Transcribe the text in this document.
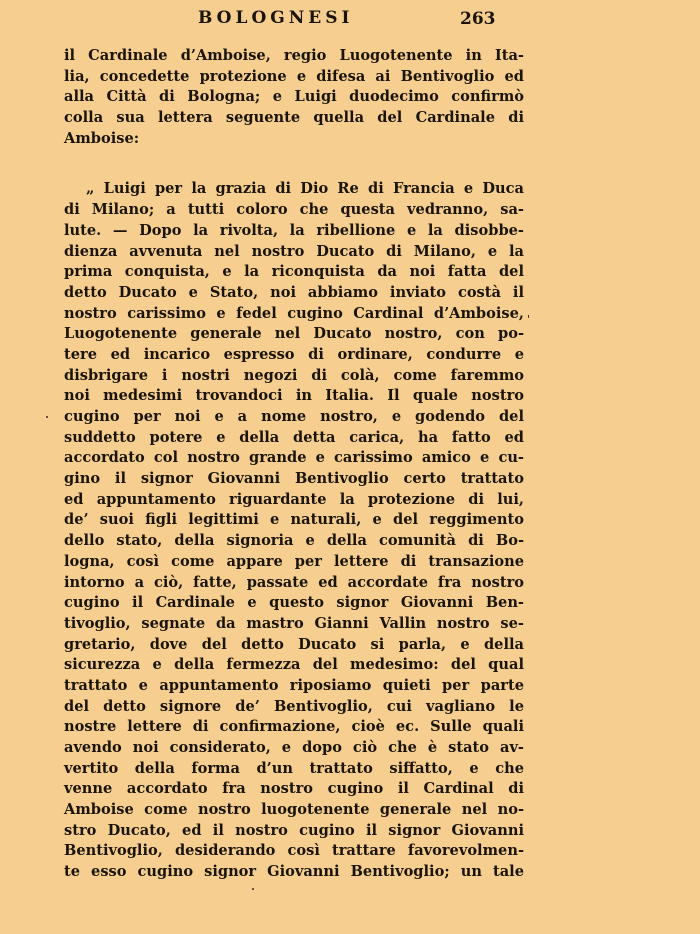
BOLOGNESI	263
il Cardinale d’Amboise, regio Luogotenente in Ita-
lia, concedette protezione e difesa ai Bentivoglio ed
alla Città di Bologna; e Luigi duodecimo confirmò
colla sua lettera seguente quella del Cardinale di
Amboise:
„ Luigi per la grazia di Dio Re di Francia e Duca
di Milano; a tutti coloro che questa vedranno, sa-
lute. — Dopo la rivolta, la ribellione e la disobbe-
dienza avvenuta nel nostro Ducato di Milano, e la
prima conquista, e la riconquista da noi fatta del
detto Ducato e Stato, noi abbiamo inviato costà il
nostro carissimo e fedel cugino Cardinal d’Amboise,
Luogotenente generale nel Ducato nostro, con po-
tere ed incarico espresso di ordinare, condurre e
disbrigare i nostri negozi di colà, come faremmo
noi medesimi trovandoci in Italia. Il quale nostro
cugino per noi e a nome nostro, e godendo del
suddetto potere e della detta carica, ha fatto ed
accordato col nostro grande e carissimo amico e cu-
gino il signor Giovanni Bentivoglio certo trattato
ed appuntamento riguardante la protezione di lui,
de’ suoi figli legittimi e naturali, e del reggimento
dello stato, della signoria e della comunità di Bo-
logna, così come appare per lettere di transazione
intorno a ciò, fatte, passate ed accordate fra nostro
cugino il Cardinale e questo signor Giovanni Ben-
tivoglio, segnate da mastro Gianni Vallin nostro se-
gretario, dove del detto Ducato si parla, e della
sicurezza e della fermezza del medesimo: del qual
trattato e appuntamento riposiamo quieti per parte
del detto signore de’ Bentivoglio, cui vagliano le
nostre lettere di confirmazione, cioè ec. Sulle quali
avendo noi considerato, e dopo ciò che è stato av-
vertito della forma d’un trattato siffatto, e che
venne accordato fra nostro cugino il Cardinal di
Amboise come nostro luogotenente generale nel no-
stro Ducato, ed il nostro cugino il signor Giovanni
Bentivoglio, desiderando così trattare favorevolmen-
te esso cugino signor Giovanni Bentivoglio; un tale
